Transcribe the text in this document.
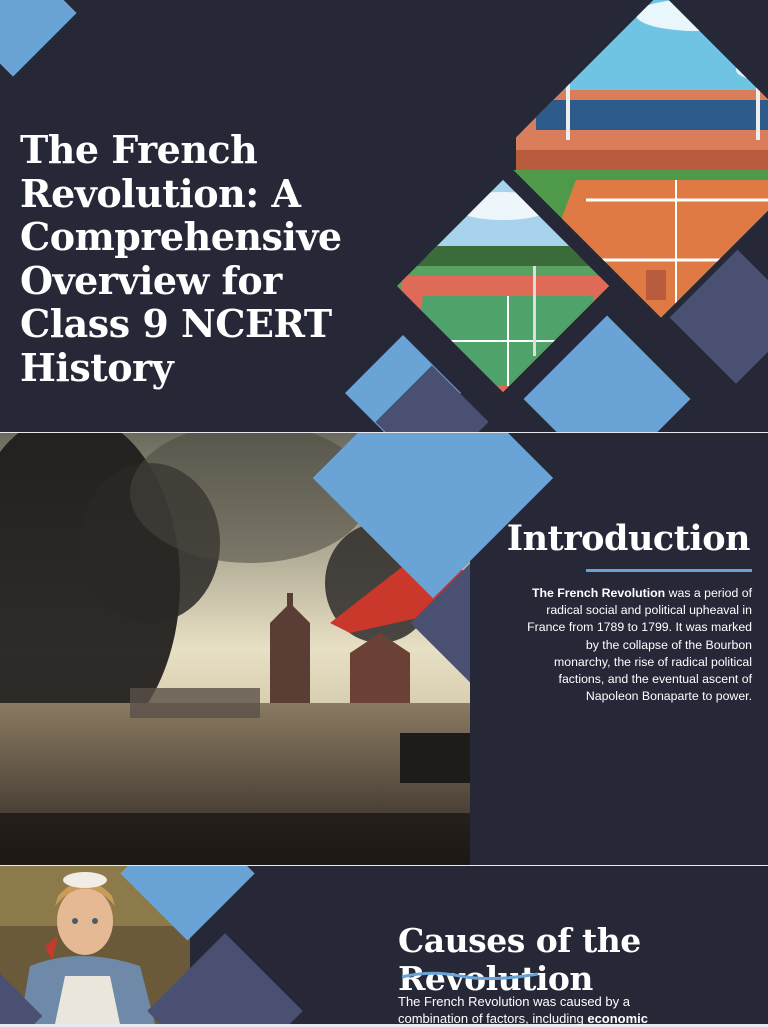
The French
Revolution: A
Comprehensive
Overview for
Class 9 NCERT
History
Introduction
The French Revolution was a period of
radical social and political upheaval in
France from 1789 to 1799. It was marked
by the collapse of the Bourbon
monarchy, the rise of radical political
factions, and the eventual ascent of
Napoleon Bonaparte to power.
Causes of the
Revolution
The French Revolution was caused by a
combination of factors, including economic
